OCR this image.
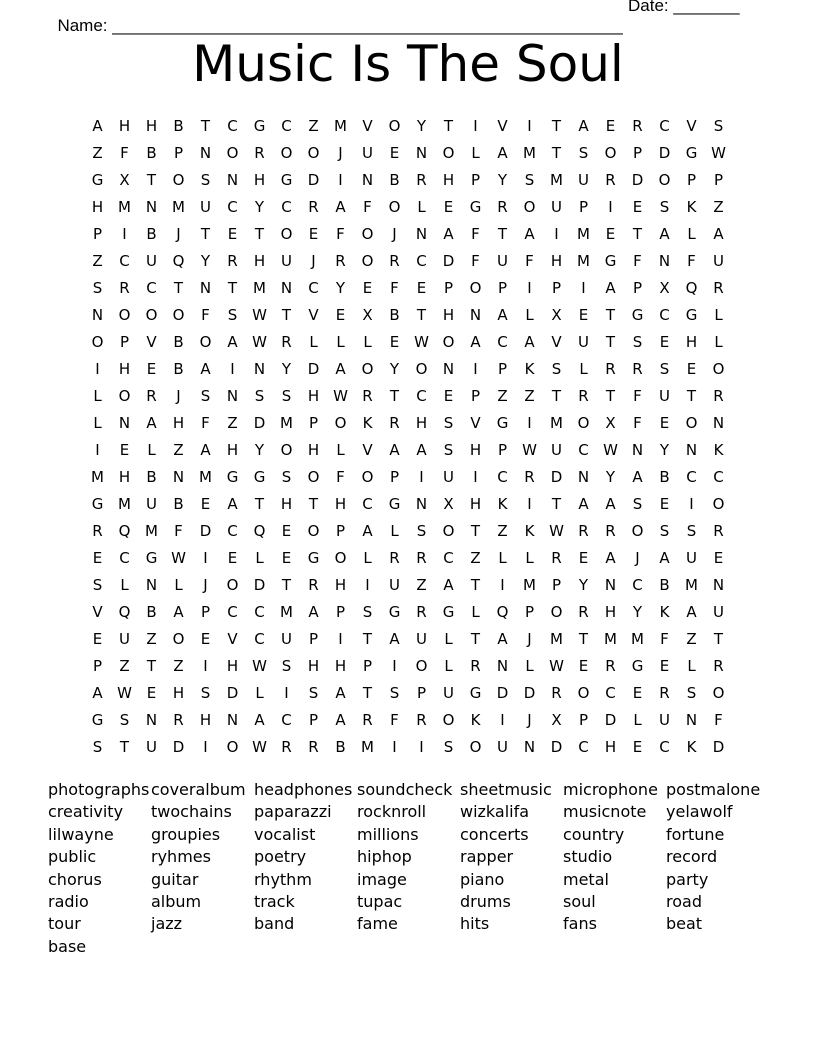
Name: ______________________________________________________

Date: _______

Music Is The Soul
A	H	H	B	T	C	G	C	Z	M	V	O	Y	T	I	V	I	T	A	E	R	C	V	S
Z	F	B	P	N	O	R	O	O	J	U	E	N	O	L	A	M	T	S	O	P	D	G W
G	X	T	O	S	N	H	G	D	I	N	B	R	H	P	Y	S	M	U	R	D	O	P	P
H M N M	U	C	Y	C	R	A	F	O	L	E	G	R	O	U	P	I	E	S	K	Z
P	I	B	J	T	E	T	O	E	F	O	J	N	A	F	T	A	I	M	E	T	A	L	A
Z	C	U	Q	Y	R	H	U	J	R	O	R	C	D	F	U	F	H M G	F	N	F	U
S	R	C	T	N	T	M N	C	Y	E	F	E	P	O	P	I	P	I	A	P	X	Q	R
N	O	O	O	F	S W T	V	E	X	B	T	H	N	A	L	X	E	T	G	C	G	L
O	P	V	B	O	A W R	L	L	L	E W O	A	C	A	V	U	T	S	E	H	L
I	H	E	B	A	I	N	Y	D	A	O	Y	O	N	I	P	K	S	L	R	R	S	E	O
L	O	R	J	S	N	S	S	H W R	T	C	E	P	Z	Z	T	R	T	F	U	T	R
L	N	A	H	F	Z	D M	P	O	K	R	H	S	V	G	I	M O	X	F	E	O	N
I	E	L	Z	A	H	Y	O	H	L	V	A	A	S	H	P	W U	C W N	Y	N	K
M H	B	N M G	G	S	O	F	O	P	I	U	I	C	R	D	N	Y	A	B	C	C
G M	U	B	E	A	T	H	T	H	C	G	N	X	H	K	I	T	A	A	S	E	I	O
R	Q M	F	D	C	Q	E	O	P	A	L	S	O	T	Z	K W R	R	O	S	S	R
E	C	G W	I	E	L	E	G	O	L	R	R	C	Z	L	L	R	E	A	J	A	U	E
S	L	N	L	J	O	D	T	R	H	I	U	Z	A	T	I	M	P	Y	N	C	B	M N
V	Q	B	A	P	C	C	M	A	P	S	G	R	G	L	Q	P	O	R	H	Y	K	A	U
E	U	Z	O	E	V	C	U	P	I	T	A	U	L	T	A	J	M	T	M M	F	Z	T
P	Z	T	Z	I	H W S	H	H	P	I	O	L	R	N	L	W E	R	G	E	L	R
A W E	H	S	D	L	I	S	A	T	S	P	U	G	D	D	R	O	C	E	R	S	O
G	S	N	R	H	N	A	C	P	A	R	F	R	O	K	I	J	X	P	D	L	U	N	F
S	T	U	D	I	O W R	R	B	M	I	I	S	O	U	N	D	C	H	E	C	K	D
photographs
creativity
lilwayne
public
chorus
radio
tour
base
coveralbum
twochains
groupies
ryhmes
guitar
album
jazz
headphones
paparazzi
vocalist
poetry
rhythm
track
band
soundcheck
rocknroll
millions
hiphop
image
tupac
fame
sheetmusic
wizkalifa
concerts
rapper
piano
drums
hits
microphone
musicnote
country
studio
metal
soul
fans
postmalone
yelawolf
fortune
record
party
road
beat
